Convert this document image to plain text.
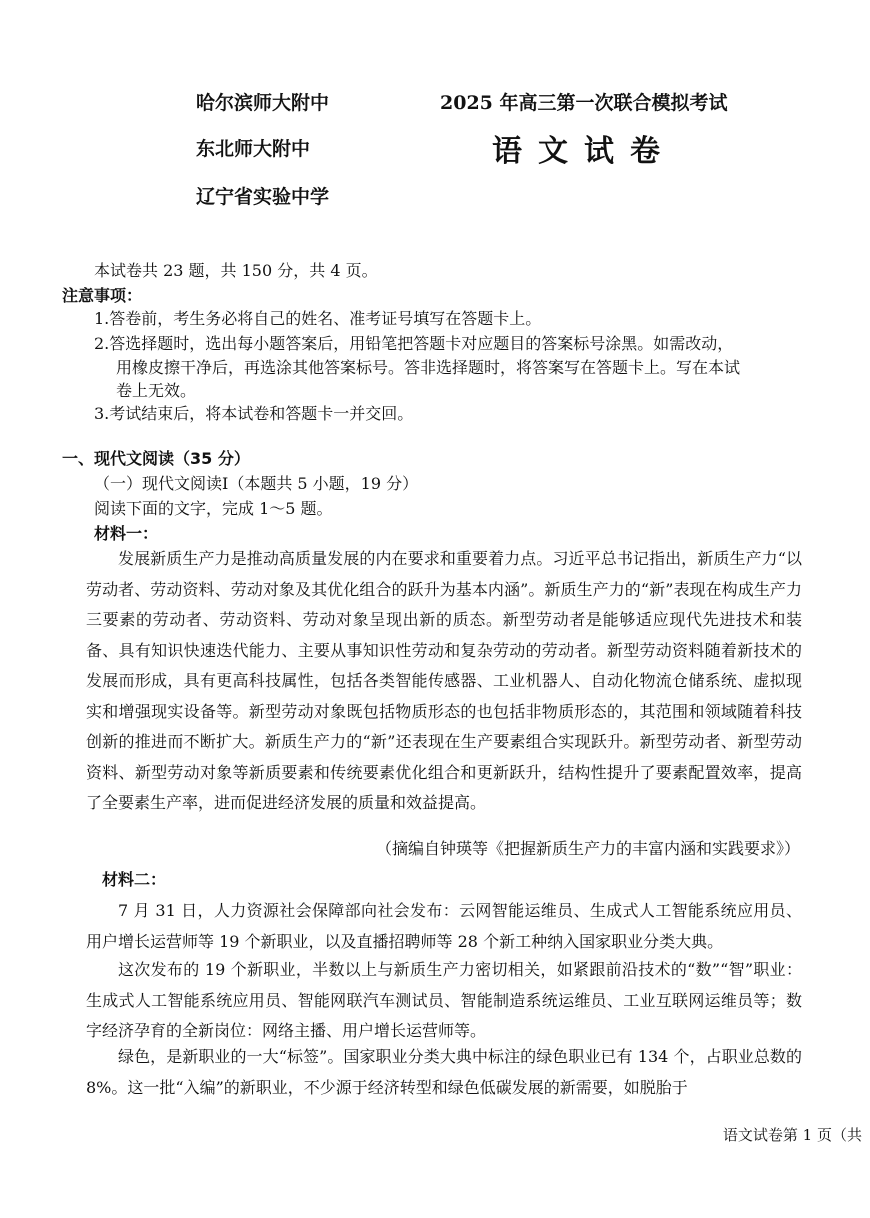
哈尔滨师大附中
东北师大附中
辽宁省实验中学
2025 年高三第一次联合模拟考试
语文试卷
本试卷共 23 题，共 150 分，共 4 页。
注意事项：
1.答卷前，考生务必将自己的姓名、准考证号填写在答题卡上。
2.答选择题时，选出每小题答案后，用铅笔把答题卡对应题目的答案标号涂黑。如需改动，
用橡皮擦干净后，再选涂其他答案标号。答非选择题时，将答案写在答题卡上。写在本试
卷上无效。
3.考试结束后，将本试卷和答题卡一并交回。
一、现代文阅读（35 分）
（一）现代文阅读I（本题共 5 小题，19 分）
阅读下面的文字，完成 1～5 题。
材料一：

发展新质生产力是推动高质量发展的内在要求和重要着力点。习近平总书记指出，新质生产力“以劳动者、劳动资料、劳动对象及其优化组合的跃升为基本内涵”。新质生产力的“新”表现在构成生产力三要素的劳动者、劳动资料、劳动对象呈现出新的质态。新型劳动者是能够适应现代先进技术和装备、具有知识快速迭代能力、主要从事知识性劳动和复杂劳动的劳动者。新型劳动资料随着新技术的发展而形成，具有更高科技属性，包括各类智能传感器、工业机器人、自动化物流仓储系统、虚拟现实和增强现实设备等。新型劳动对象既包括物质形态的也包括非物质形态的，其范围和领域随着科技创新的推进而不断扩大。新质生产力的“新”还表现在生产要素组合实现跃升。新型劳动者、新型劳动资料、新型劳动对象等新质要素和传统要素优化组合和更新跃升，结构性提升了要素配置效率，提高了全要素生产率，进而促进经济发展的质量和效益提高。

（摘编自钟瑛等《把握新质生产力的丰富内涵和实践要求》）
材料二：

7 月 31 日，人力资源社会保障部向社会发布：云网智能运维员、生成式人工智能系统应用员、用户增长运营师等 19 个新职业，以及直播招聘师等 28 个新工种纳入国家职业分类大典。

这次发布的 19 个新职业，半数以上与新质生产力密切相关，如紧跟前沿技术的“数”“智”职业：生成式人工智能系统应用员、智能网联汽车测试员、智能制造系统运维员、工业互联网运维员等；数字经济孕育的全新岗位：网络主播、用户增长运营师等。

绿色，是新职业的一大“标签”。国家职业分类大典中标注的绿色职业已有 134 个，占职业总数的 8%。这一批“入编”的新职业，不少源于经济转型和绿色低碳发展的新需要，如脱胎于

语文试卷第 1 页（共
